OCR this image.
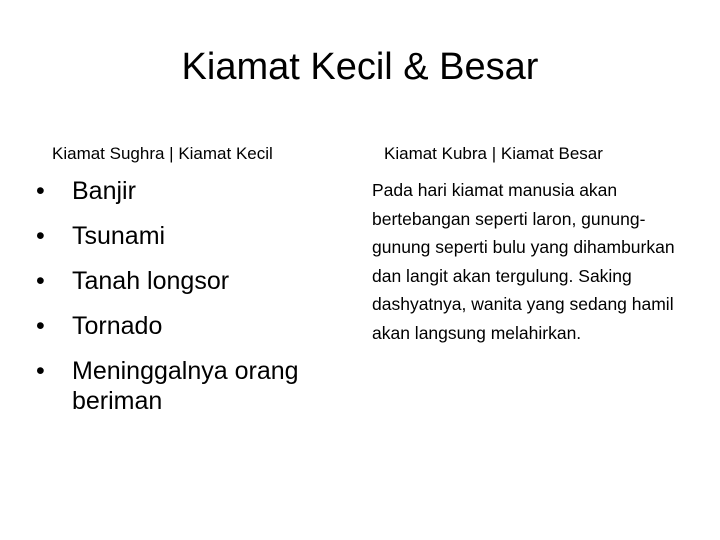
Kiamat Kecil & Besar
Kiamat Sughra | Kiamat Kecil	Kiamat Kubra | Kiamat Besar
•	Banjir
•	Tsunami
•	Tanah longsor
•	Tornado
•	Meninggalnya orang beriman

Pada hari kiamat manusia akan bertebangan seperti laron, gunung-gunung seperti bulu yang dihamburkan dan langit akan tergulung. Saking dashyatnya, wanita yang sedang hamil akan langsung melahirkan.
